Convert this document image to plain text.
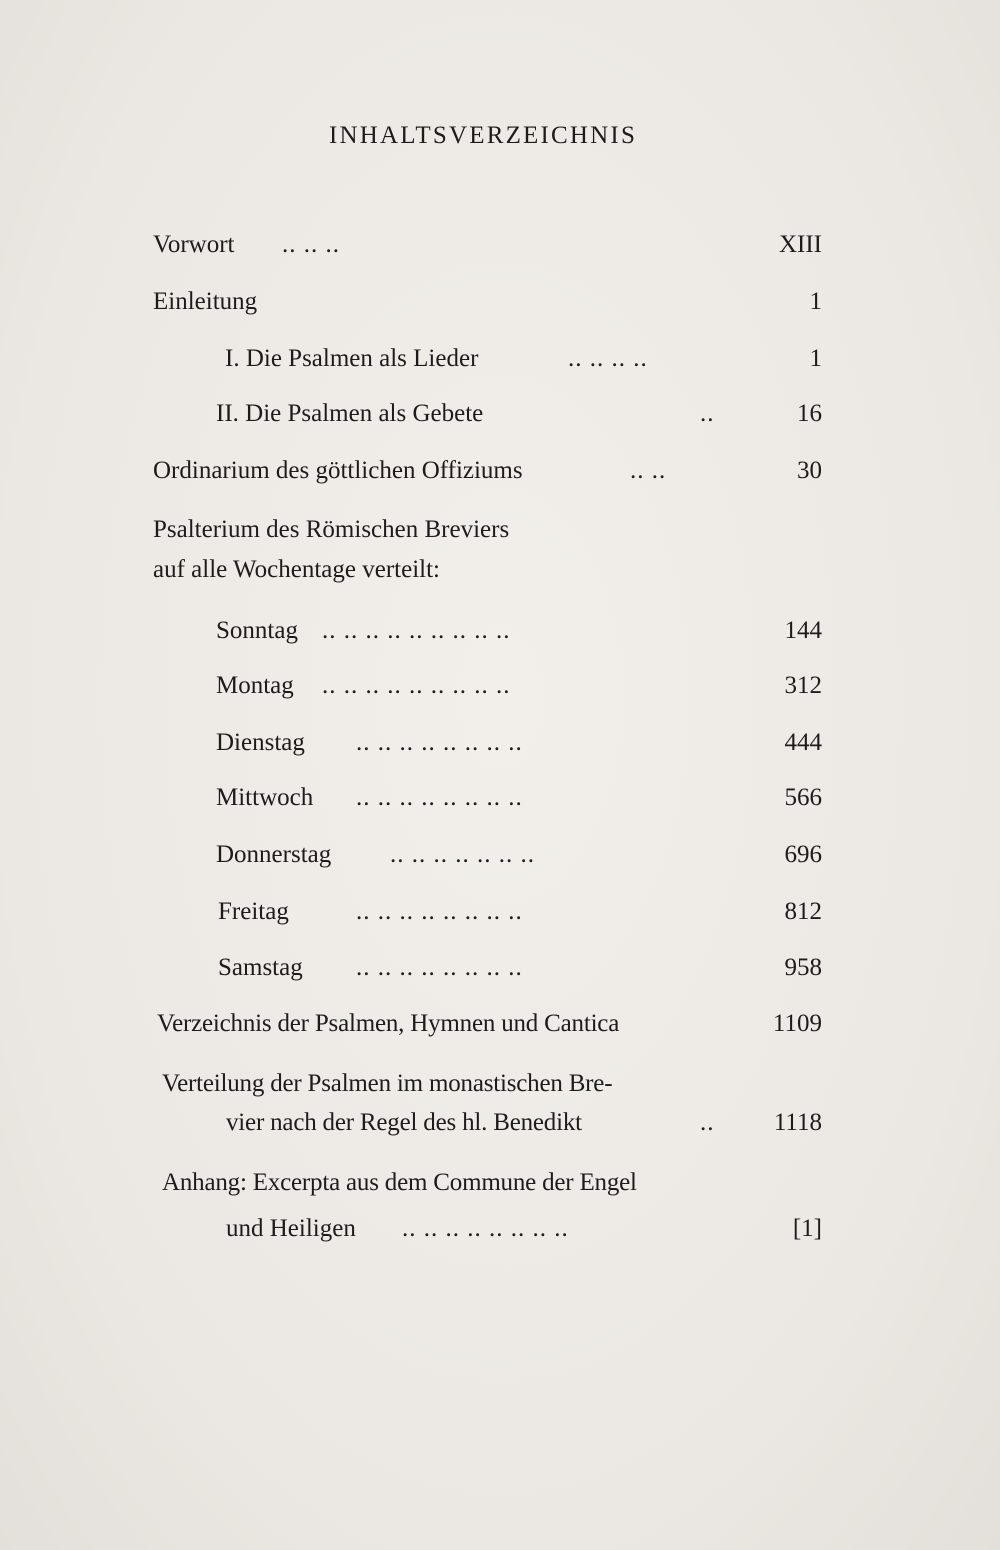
INHALTSVERZEICHNIS
Vorwort .. .. ..	XIII
Einleitung	1
I. Die Psalmen als Lieder	.. .. .. ..	1
II. Die Psalmen als Gebete	..	16
Ordinarium des göttlichen Offiziums	.. ..	30
Psalterium des Römischen Breviers
auf alle Wochentage verteilt:
Sonntag .. .. .. .. .. .. .. .. ..	144
Montag .. .. .. .. .. .. .. .. ..	312
Dienstag .. .. .. .. .. .. .. ..	444
Mittwoch .. .. .. .. .. .. .. ..	566
Donnerstag .. .. .. .. .. .. ..	696
Freitag	.. .. .. .. .. .. .. ..	812
Samstag .. .. .. .. .. .. .. ..	958
Verzeichnis der Psalmen, Hymnen und Cantica	1109
Verteilung der Psalmen im monastischen Bre-
vier nach der Regel des hl. Benedikt	.. 1118
Anhang: Excerpta aus dem Commune der Engel
und Heiligen .. .. .. .. .. .. .. ..	[1]
